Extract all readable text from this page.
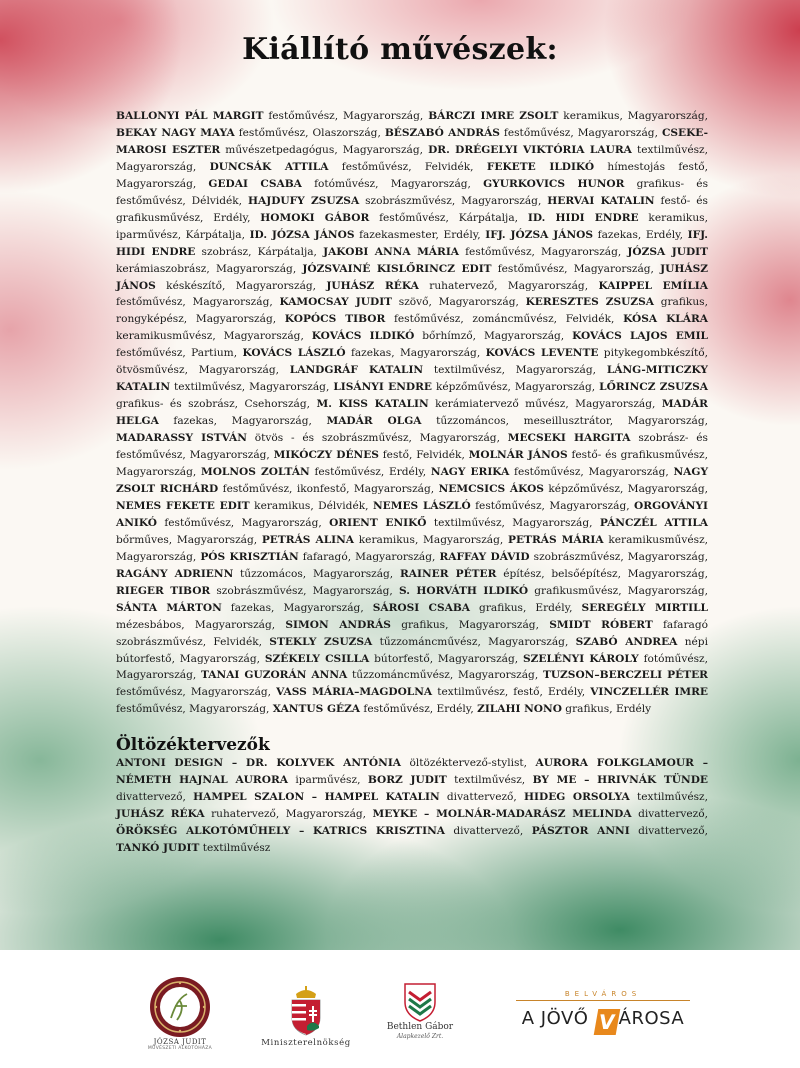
Kiállító művészek:

BALLONYI PÁL MARGIT festőművész, Magyarország, BÁRCZI IMRE ZSOLT keramikus, Magyarország, BEKAY NAGY MAYA festőművész, Olaszország, BÉSZABÓ ANDRÁS festőművész, Magyarország, CSEKE-MAROSI ESZTER művészetpedagógus, Magyarország, DR. DRÉGELYI VIKTÓRIA LAURA textilművész, Magyarország, DUNCSÁK ATTILA festőművész, Felvidék, FEKETE ILDIKÓ hímestojás festő, Magyarország, GEDAI CSABA fotóművész, Magyarország, GYURKOVICS HUNOR grafikus- és festőművész, Délvidék, HAJDUFY ZSUZSA szobrászművész, Magyarország, HERVAI KATALIN festő- és grafikusművész, Erdély, HOMOKI GÁBOR festőművész, Kárpátalja, ID. HIDI ENDRE keramikus, iparművész, Kárpátalja, ID. JÓZSA JÁNOS fazekasmester, Erdély, IFJ. JÓZSA JÁNOS fazekas, Erdély, IFJ. HIDI ENDRE szobrász, Kárpátalja, JAKOBI ANNA MÁRIA festőművész, Magyarország, JÓZSA JUDIT kerámiaszobrász, Magyarország, JÓZSVAINÉ KISLŐRINCZ EDIT festőművész, Magyarország, JUHÁSZ JÁNOS késkészítő, Magyarország, JUHÁSZ RÉKA ruhatervező, Magyarország, KAIPPEL EMÍLIA festőművész, Magyarország, KAMOCSAY JUDIT szövő, Magyarország, KERESZTES ZSUZSA grafikus, rongyképész, Magyarország, KOPÓCS TIBOR festőművész, zománcművész, Felvidék, KÓSA KLÁRA keramikusművész, Magyarország, KOVÁCS ILDIKÓ bőrhímző, Magyarország, KOVÁCS LAJOS EMIL festőművész, Partium, KOVÁCS LÁSZLÓ fazekas, Magyarország, KOVÁCS LEVENTE pitykegombkészítő, ötvösművész, Magyarország, LANDGRÁF KATALIN textilművész, Magyarország, LÁNG-MITICZKY KATALIN textilművész, Magyarország, LISÁNYI ENDRE képzőművész, Magyarország, LŐRINCZ ZSUZSA grafikus- és szobrász, Csehország, M. KISS KATALIN kerámiatervező művész, Magyarország, MADÁR HELGA fazekas, Magyarország, MADÁR OLGA tűzzománcos, meseillusztrátor, Magyarország, MADARASSY ISTVÁN ötvös - és szobrászművész, Magyarország, MECSEKI HARGITA szobrász- és festőművész, Magyarország, MIKÓCZY DÉNES festő, Felvidék, MOLNÁR JÁNOS festő- és grafikusművész, Magyarország, MOLNOS ZOLTÁN festőművész, Erdély, NAGY ERIKA festőművész, Magyarország, NAGY ZSOLT RICHÁRD festőművész, ikonfestő, Magyarország, NEMCSICS ÁKOS képzőművész, Magyarország, NEMES FEKETE EDIT keramikus, Délvidék, NEMES LÁSZLÓ festőművész, Magyarország, ORGOVÁNYI ANIKÓ festőművész, Magyarország, ORIENT ENIKŐ textilművész, Magyarország, PÁNCZÉL ATTILA bőrműves, Magyarország, PETRÁS ALINA keramikus, Magyarország, PETRÁS MÁRIA keramikusművész, Magyarország, PÓS KRISZTIÁN fafaragó, Magyarország, RAFFAY DÁVID szobrászművész, Magyarország, RAGÁNY ADRIENN tűzzomácos, Magyarország, RAINER PÉTER építész, belsőépítész, Magyarország, RIEGER TIBOR szobrászművész, Magyarország, S. HORVÁTH ILDIKÓ grafikusművész, Magyarország, SÁNTA MÁRTON fazekas, Magyarország, SÁROSI CSABA grafikus, Erdély, SEREGÉLY MIRTILL mézesbábos, Magyarország, SIMON ANDRÁS grafikus, Magyarország, SMIDT RÓBERT fafaragó szobrászművész, Felvidék, STEKLY ZSUZSA tűzzománcművész, Magyarország, SZABÓ ANDREA népi bútorfestő, Magyarország, SZÉKELY CSILLA bútorfestő, Magyarország, SZELÉNYI KÁROLY fotóművész, Magyarország, TANAI GUZORÁN ANNA tűzzománcművész, Magyarország, TUZSON–BERCZELI PÉTER festőművész, Magyarország, VASS MÁRIA–MAGDOLNA textilművész, festő, Erdély, VINCZELLÉR IMRE festőművész, Magyarország, XANTUS GÉZA festőművész, Erdély, ZILAHI NONO grafikus, Erdély

Öltözéktervezők

ANTONI DESIGN – DR. KOLYVEK ANTÓNIA öltözéktervező-stylist, AURORA FOLKGLAMOUR – NÉMETH HAJNAL AURORA iparművész, BORZ JUDIT textilművész, BY ME – HRIVNÁK TÜNDE divattervező, HAMPEL SZALON – HAMPEL KATALIN divattervező, HIDEG ORSOLYA textilművész, JUHÁSZ RÉKA ruhatervező, Magyarország, MEYKE – MOLNÁR-MADARÁSZ MELINDA divattervező, ÖRÖKSÉG ALKOTÓMŰHELY – KATRICS KRISZTINA divattervező, PÁSZTOR ANNI divattervező, TANKÓ JUDIT textilművész

JÓZSA JUDIT
MŰVÉSZETI ALKOTÓHÁZA
Miniszterelnökség
Bethlen Gábor
Alapkezelő Zrt.
BELVÁROS
A JÖVŐ V ÁROSA
